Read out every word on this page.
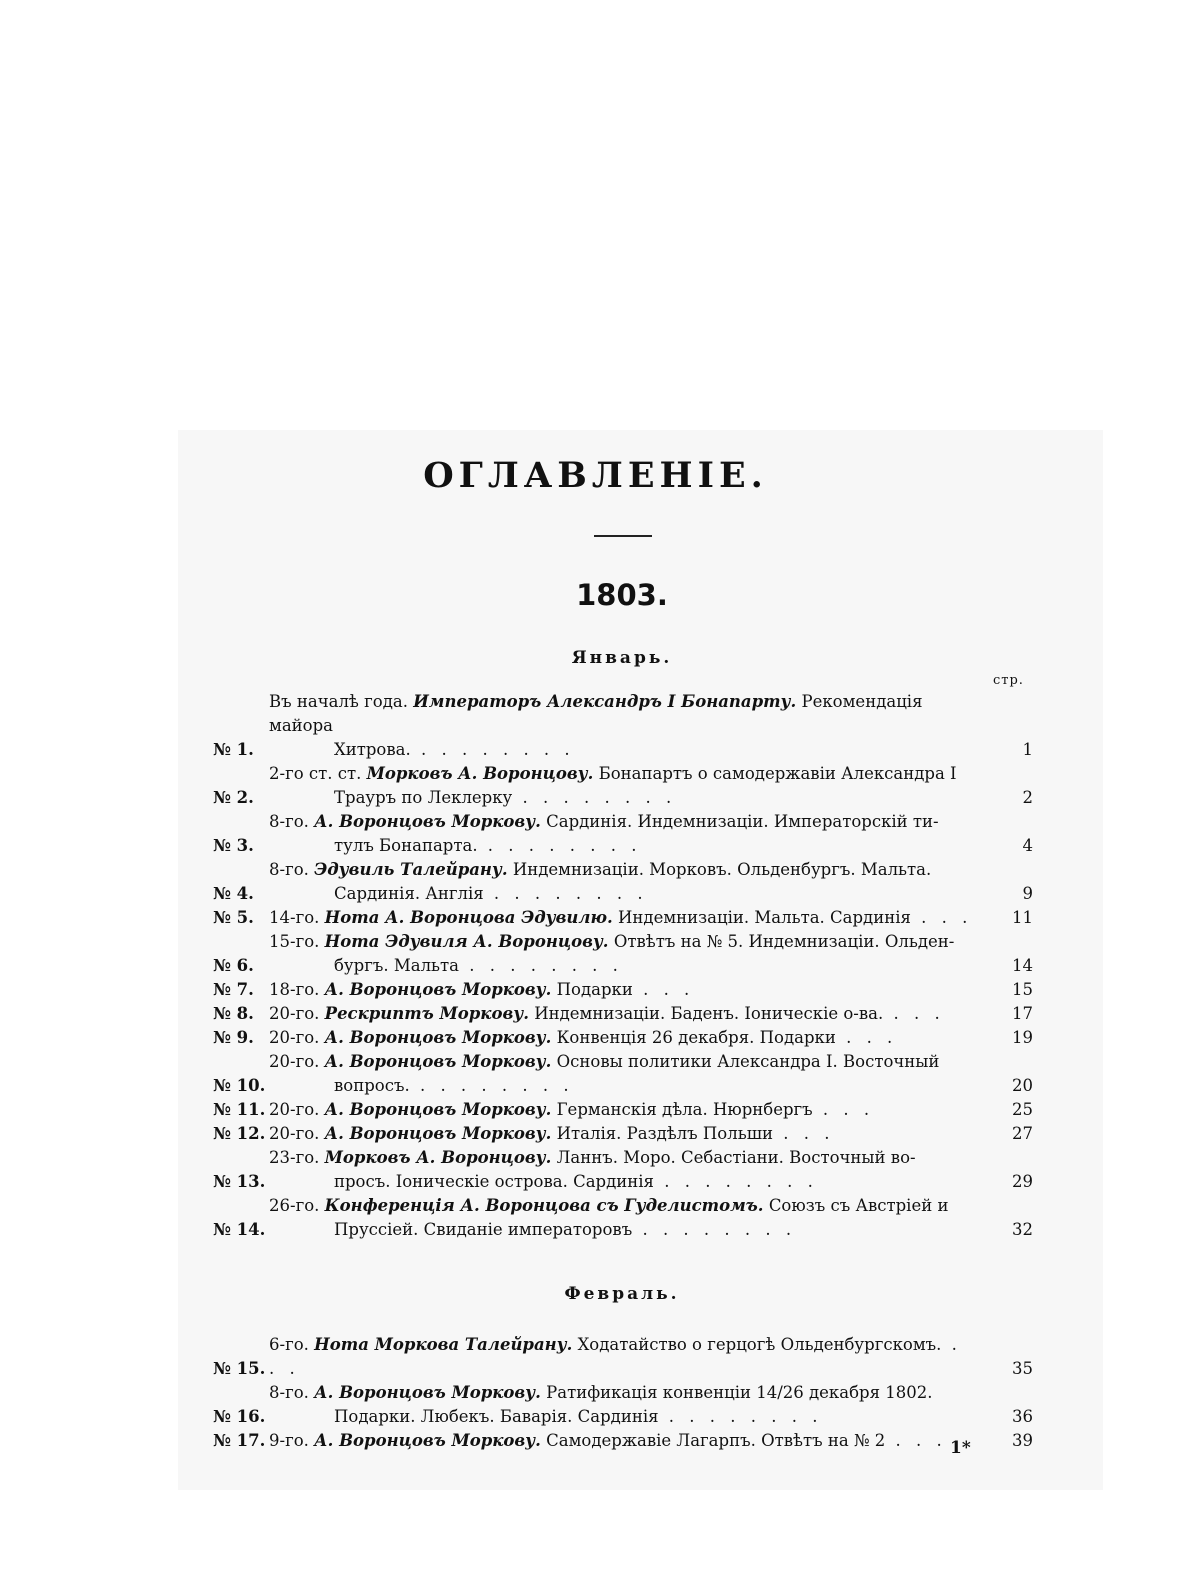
ОГЛАВЛЕНІЕ.
1803.
Январь.
стр.
№ 1.
Въ началѣ года. Императоръ Александръ I Бонапарту. Рекомендація майора
Хитрова. . . . . . . . .	1
№ 2.
2-го ст. ст. Морковъ А. Воронцову. Бонапартъ о самодержавіи Александра I
Трауръ по Леклерку . . . . . . . .	2
№ 3.
8-го. А. Воронцовъ Моркову. Сардинія. Индемнизаціи. Императорскій ти-
тулъ Бонапарта. . . . . . . . .	4
№ 4.
8-го. Эдувиль Талейрану. Индемнизаціи. Морковъ. Ольденбургъ. Мальта.
Сардинія. Англія . . . . . . . .	9
№ 5. 14-го. Нота А. Воронцова Эдувилю. Индемнизаціи. Мальта. Сардинія . . .	11
№ 6.
15-го. Нота Эдувиля А. Воронцову. Отвѣтъ на № 5. Индемнизаціи. Ольден-
бургъ. Мальта . . . . . . . .	14
№ 7. 18-го. А. Воронцовъ Моркову. Подарки . . .	15
№ 8. 20-го. Рескриптъ Моркову. Индемнизаціи. Баденъ. Іоническіе о-ва. . . .	17
№ 9. 20-го. А. Воронцовъ Моркову. Конвенція 26 декабря. Подарки . . .	19
№ 10.
20-го. А. Воронцовъ Моркову. Основы политики Александра I. Восточный
вопросъ. . . . . . . . .	20
№ 11. 20-го. А. Воронцовъ Моркову. Германскія дѣла. Нюрнбергъ . . .	25
№ 12. 20-го. А. Воронцовъ Моркову. Италія. Раздѣлъ Польши . . .	27
№ 13.
23-го. Морковъ А. Воронцову. Ланнъ. Моро. Себастіани. Восточный во-
просъ. Іоническіе острова. Сардинія . . . . . . . .	29
№ 14.
26-го. Конференція А. Воронцова съ Гуделистомъ. Союзъ съ Австріей и
Пруссіей. Свиданіе императоровъ . . . . . . . .	32
Февраль.
№ 15.
6-го. Нота Моркова Талейрану. Ходатайство о герцогѣ Ольденбургскомъ. . . .	35
№ 16.
8-го. А. Воронцовъ Моркову. Ратификація конвенціи 14/26 декабря 1802.
Подарки. Любекъ. Баварія. Сардинія . . . . . . . .	36
№ 17. 9-го. А. Воронцовъ Моркову. Самодержавіе Лагарпъ. Отвѣтъ на № 2 . . .	39
1*
